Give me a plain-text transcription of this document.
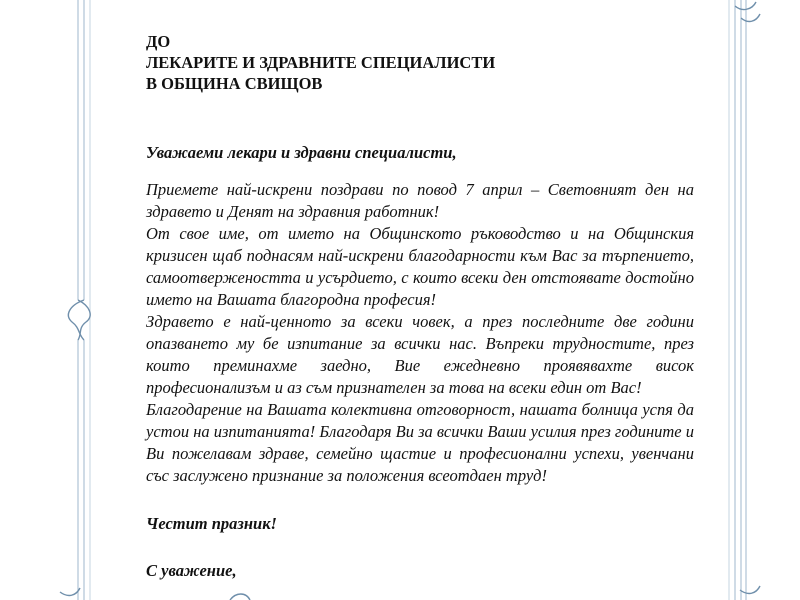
ДО
ЛЕКАРИТЕ И ЗДРАВНИТЕ СПЕЦИАЛИСТИ
В ОБЩИНА СВИЩОВ
Уважаеми лекари и здравни специалисти,

Приемете най-искрени поздрави по повод 7 април – Световният ден на здравето и Денят на здравния работник!

От свое име, от името на Общинското ръководство и на Общинския кризисен щаб поднасям най-искрени благодарности към Вас за търпението, самоотвержеността и усърдието, с които всеки ден отстоявате достойно името на Вашата благородна професия!

Здравето е най-ценното за всеки човек, а през последните две години опазването му бе изпитание за всички нас. Въпреки трудностите, през които преминахме заедно, Вие ежедневно проявявахте висок професионализъм и аз съм признателен за това на всеки един от Вас!

Благодарение на Вашата колективна отговорност, нашата болница успя да устои на изпитанията! Благодаря Ви за всички Ваши усилия през годините и Ви пожелавам здраве, семейно щастие и професионални успехи, увенчани със заслужено признание за положения всеотдаен труд!

Честит празник!
С уважение,
